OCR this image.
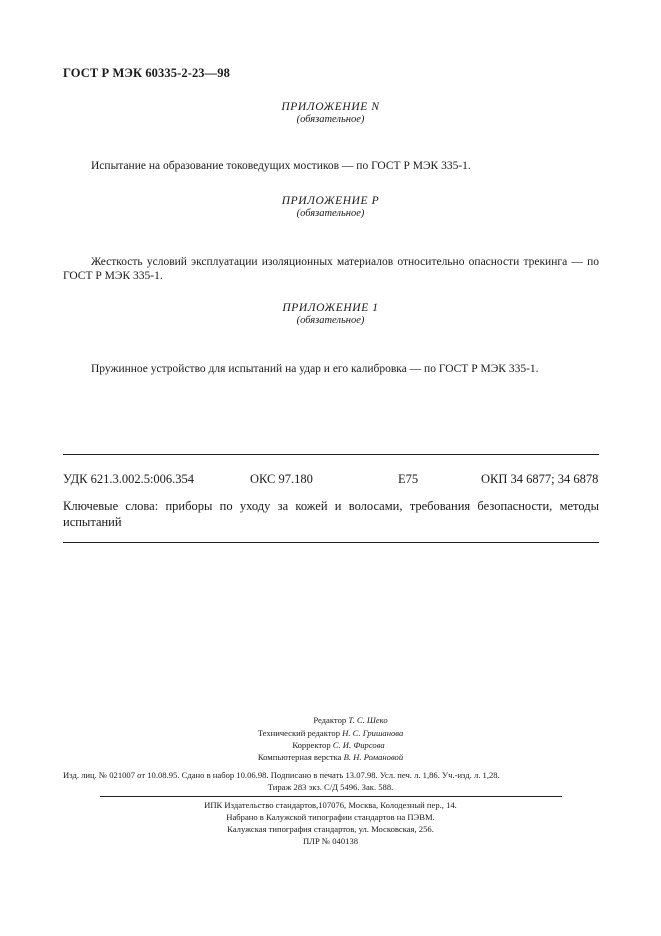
ГОСТ Р МЭК 60335-2-23—98
ПРИЛОЖЕНИЕ N
(обязательное)
Испытание на образование токоведущих мостиков — по ГОСТ Р МЭК 335-1.
ПРИЛОЖЕНИЕ Р
(обязательное)
Жесткость условий эксплуатации изоляционных материалов относительно опасности трекинга — по ГОСТ Р МЭК 335-1.
ПРИЛОЖЕНИЕ 1
(обязательное)
Пружинное устройство для испытаний на удар и его калибровка — по ГОСТ Р МЭК 335-1.
УДК 621.3.002.5:006.354	ОКС 97.180	Е75	ОКП 34 6877; 34 6878
Ключевые слова: приборы по уходу за кожей и волосами, требования безопасности, методы испытаний
Редактор Т. С. Шеко
Технический редактор Н. С. Гришанова
Корректор С. И. Фирсова
Компьютерная верстка В. Н. Романовой
Изд. лиц. № 021007 от 10.08.95. Сдано в набор 10.06.98. Подписано в печать 13.07.98. Усл. печ. л. 1,86. Уч.-изд. л. 1,28.
Тираж 283 экз. С/Д 5496. Зак. 588.
ИПК Издательство стандартов,107076, Москва, Колодезный пер., 14.
Набрано в Калужской типографии стандартов на ПЭВМ.
Калужская типография стандартов, ул. Московская, 256.
ПЛР № 040138
